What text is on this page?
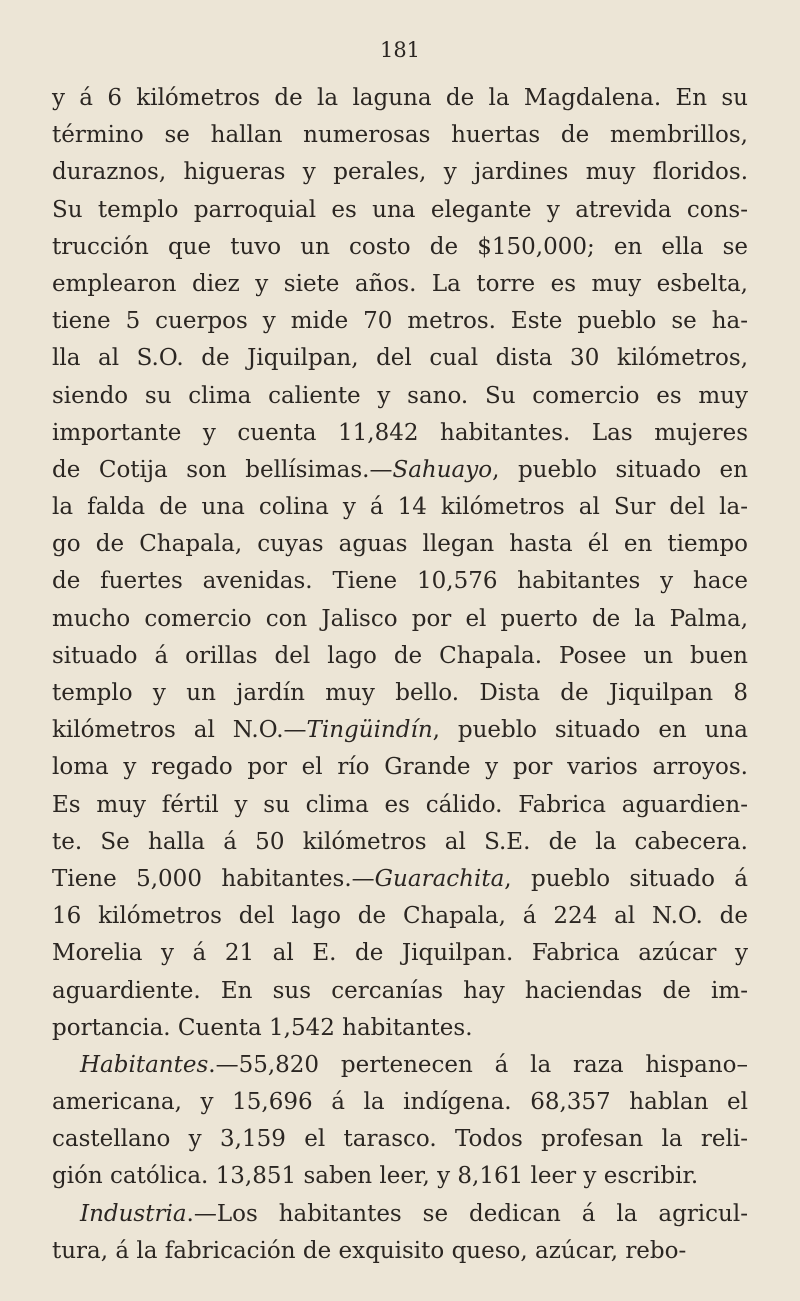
181
y á 6 kilómetros de la laguna de la Magdalena. En su
término se hallan numerosas huertas de membrillos,
duraznos, higueras y perales, y jardines muy floridos.
Su templo parroquial es una elegante y atrevida cons-
trucción que tuvo un costo de $150,000; en ella se
emplearon diez y siete años. La torre es muy esbelta,
tiene 5 cuerpos y mide 70 metros. Este pueblo se ha-
lla al S.O. de Jiquilpan, del cual dista 30 kilómetros,
siendo su clima caliente y sano. Su comercio es muy
importante y cuenta 11,842 habitantes. Las mujeres
de Cotija son bellísimas.—Sahuayo, pueblo situado en
la falda de una colina y á 14 kilómetros al Sur del la-
go de Chapala, cuyas aguas llegan hasta él en tiempo
de fuertes avenidas. Tiene 10,576 habitantes y hace
mucho comercio con Jalisco por el puerto de la Palma,
situado á orillas del lago de Chapala. Posee un buen
templo y un jardín muy bello. Dista de Jiquilpan 8
kilómetros al N.O.—Tingüindín, pueblo situado en una
loma y regado por el río Grande y por varios arroyos.
Es muy fértil y su clima es cálido. Fabrica aguardien-
te. Se halla á 50 kilómetros al S.E. de la cabecera.
Tiene 5,000 habitantes.—Guarachita, pueblo situado á
16 kilómetros del lago de Chapala, á 224 al N.O. de
Morelia y á 21 al E. de Jiquilpan. Fabrica azúcar y
aguardiente. En sus cercanías hay haciendas de im-
portancia. Cuenta 1,542 habitantes.
Habitantes.—55,820 pertenecen á la raza hispano–
americana, y 15,696 á la indígena. 68,357 hablan el
castellano y 3,159 el tarasco. Todos profesan la reli-
gión católica. 13,851 saben leer, y 8,161 leer y escribir.
Industria.—Los habitantes se dedican á la agricul-
tura, á la fabricación de exquisito queso, azúcar, rebo-
